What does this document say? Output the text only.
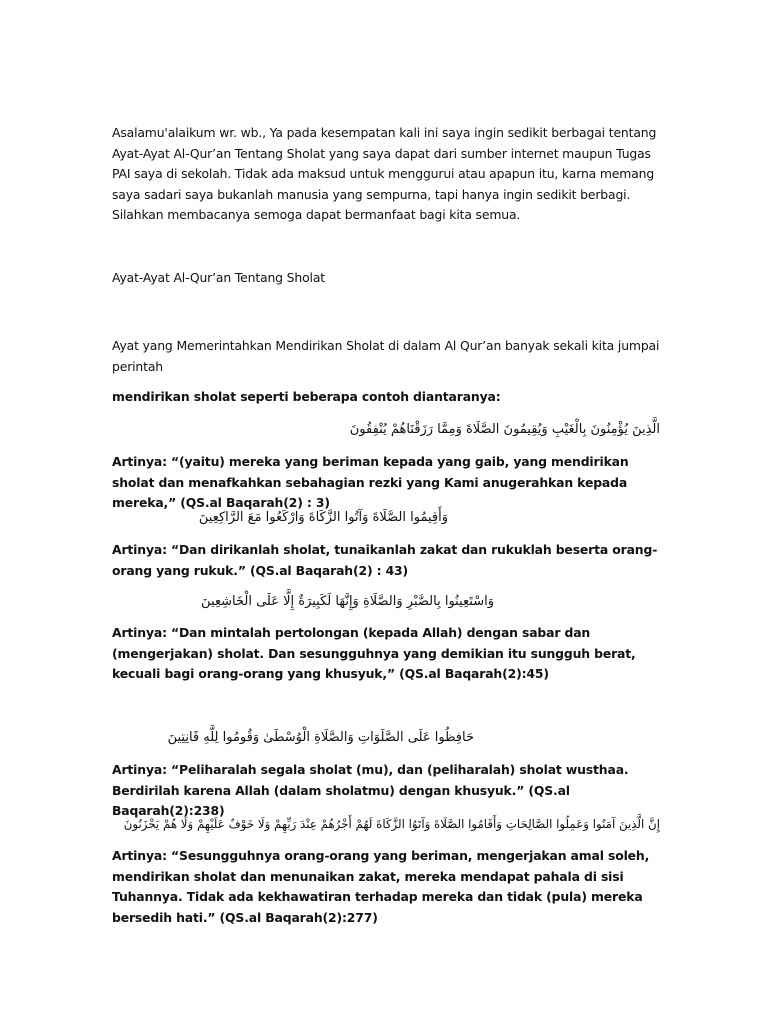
Asalamu'alaikum wr. wb., Ya pada kesempatan kali ini saya ingin sedikit berbagai tentang Ayat-Ayat Al-Qur’an Tentang Sholat yang saya dapat dari sumber internet maupun Tugas PAI saya di sekolah. Tidak ada maksud untuk menggurui atau apapun itu, karna memang saya sadari saya bukanlah manusia yang sempurna, tapi hanya ingin sedikit berbagi. Silahkan membacanya semoga dapat bermanfaat bagi kita semua.

Ayat-Ayat Al-Qur’an Tentang Sholat

Ayat yang Memerintahkan Mendirikan Sholat di dalam Al Qur’an banyak sekali kita jumpai perintah

mendirikan sholat seperti beberapa contoh diantaranya:

الَّذِينَ يُؤْمِنُونَ بِالْغَيْبِ وَيُقِيمُونَ الصَّلَاةَ وَمِمَّا رَزَقْنَاهُمْ يُنْفِقُونَ

Artinya: “(yaitu) mereka yang beriman kepada yang gaib, yang mendirikan sholat dan menafkahkan sebahagian rezki yang Kami anugerahkan kepada mereka,” (QS.al Baqarah(2) : 3)

وَأَقِيمُوا الصَّلَاةَ وَآتُوا الزَّكَاةَ وَارْكَعُوا مَعَ الرَّاكِعِينَ

Artinya: “Dan dirikanlah sholat, tunaikanlah zakat dan rukuklah beserta orang-orang yang rukuk.” (QS.al Baqarah(2) : 43)

وَاسْتَعِينُوا بِالصَّبْرِ وَالصَّلَاةِ وَإِنَّهَا لَكَبِيرَةٌ إِلَّا عَلَى الْخَاشِعِينَ

Artinya: “Dan mintalah pertolongan (kepada Allah) dengan sabar dan (mengerjakan) sholat. Dan sesungguhnya yang demikian itu sungguh berat, kecuali bagi orang-orang yang khusyuk,” (QS.al Baqarah(2):45)

حَافِظُوا عَلَى الصَّلَوَاتِ وَالصَّلَاةِ الْوُسْطَىٰ وَقُومُوا لِلَّهِ قَانِتِينَ

Artinya: “Peliharalah segala sholat (mu), dan (peliharalah) sholat wusthaa. Berdirilah karena Allah (dalam sholatmu) dengan khusyuk.” (QS.al Baqarah(2):238)

إِنَّ الَّذِينَ آمَنُوا وَعَمِلُوا الصَّالِحَاتِ وَأَقَامُوا الصَّلَاةَ وَآتَوُا الزَّكَاةَ لَهُمْ أَجْرُهُمْ عِنْدَ رَبِّهِمْ وَلَا خَوْفٌ عَلَيْهِمْ وَلَا هُمْ يَحْزَنُونَ

Artinya: “Sesungguhnya orang-orang yang beriman, mengerjakan amal soleh, mendirikan sholat dan menunaikan zakat, mereka mendapat pahala di sisi Tuhannya. Tidak ada kekhawatiran terhadap mereka dan tidak (pula) mereka bersedih hati.” (QS.al Baqarah(2):277)
